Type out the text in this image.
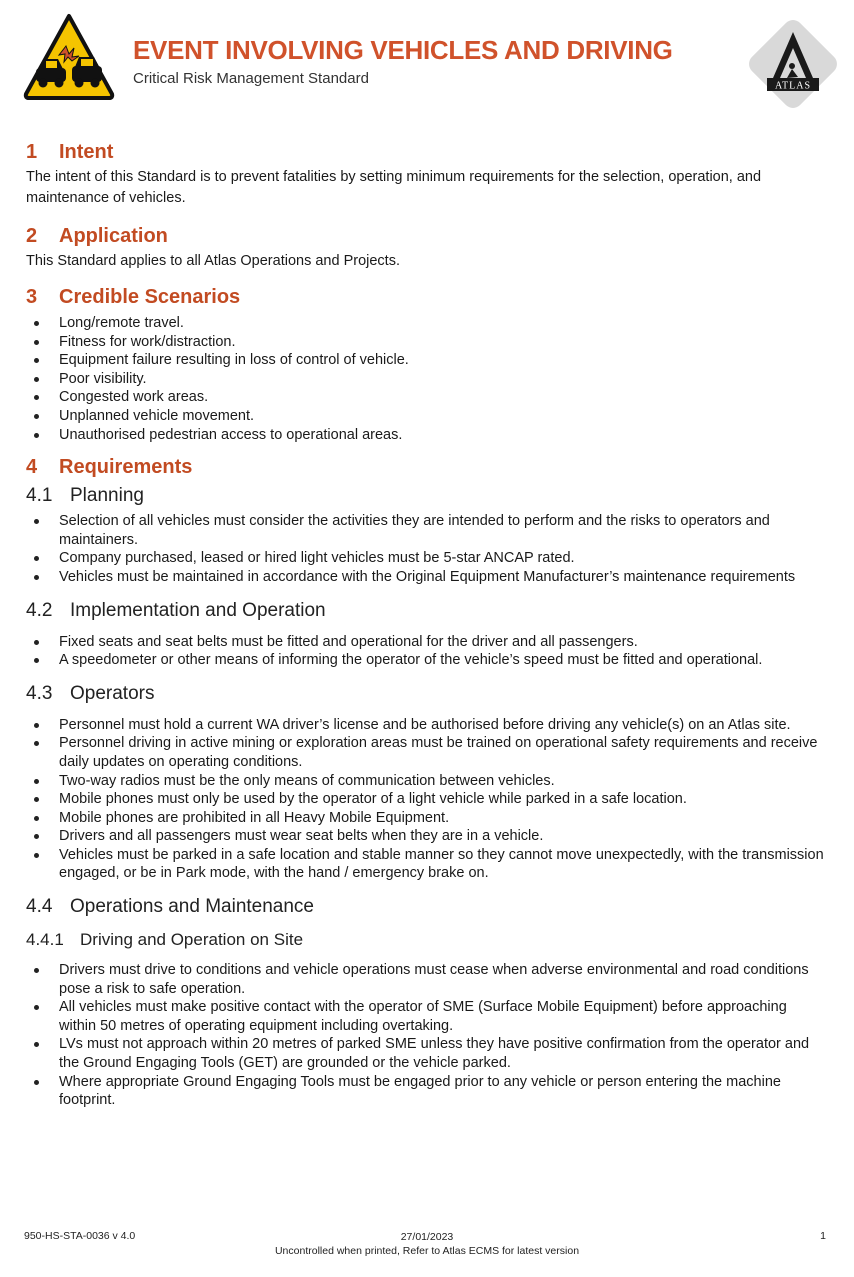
EVENT INVOLVING VEHICLES AND DRIVING
Critical Risk Management Standard	ATLAS
1 Intent

The intent of this Standard is to prevent fatalities by setting minimum requirements for the selection, operation, and maintenance of vehicles.

2 Application

This Standard applies to all Atlas Operations and Projects.

3 Credible Scenarios
Long/remote travel.
Fitness for work/distraction.
Equipment failure resulting in loss of control of vehicle.
Poor visibility.
Congested work areas.
Unplanned vehicle movement.
Unauthorised pedestrian access to operational areas.
4 Requirements
4.1 Planning
Selection of all vehicles must consider the activities they are intended to perform and the risks to operators and maintainers.
Company purchased, leased or hired light vehicles must be 5-star ANCAP rated.
Vehicles must be maintained in accordance with the Original Equipment Manufacturer’s maintenance requirements
4.2 Implementation and Operation
Fixed seats and seat belts must be fitted and operational for the driver and all passengers.
A speedometer or other means of informing the operator of the vehicle’s speed must be fitted and operational.
4.3 Operators
Personnel must hold a current WA driver’s license and be authorised before driving any vehicle(s) on an Atlas site.
Personnel driving in active mining or exploration areas must be trained on operational safety requirements and receive daily updates on operating conditions.
Two-way radios must be the only means of communication between vehicles.
Mobile phones must only be used by the operator of a light vehicle while parked in a safe location.
Mobile phones are prohibited in all Heavy Mobile Equipment.
Drivers and all passengers must wear seat belts when they are in a vehicle.
Vehicles must be parked in a safe location and stable manner so they cannot move unexpectedly, with the transmission engaged, or be in Park mode, with the hand / emergency brake on.
4.4 Operations and Maintenance
4.4.1 Driving and Operation on Site
Drivers must drive to conditions and vehicle operations must cease when adverse environmental and road conditions pose a risk to safe operation.
All vehicles must make positive contact with the operator of SME (Surface Mobile Equipment) before approaching within 50 metres of operating equipment including overtaking.
LVs must not approach within 20 metres of parked SME unless they have positive confirmation from the operator and the Ground Engaging Tools (GET) are grounded or the vehicle parked.
Where appropriate Ground Engaging Tools must be engaged prior to any vehicle or person entering the machine footprint.
950-HS-STA-0036 v 4.0	27/01/2023
Uncontrolled when printed, Refer to Atlas ECMS for latest version
1
